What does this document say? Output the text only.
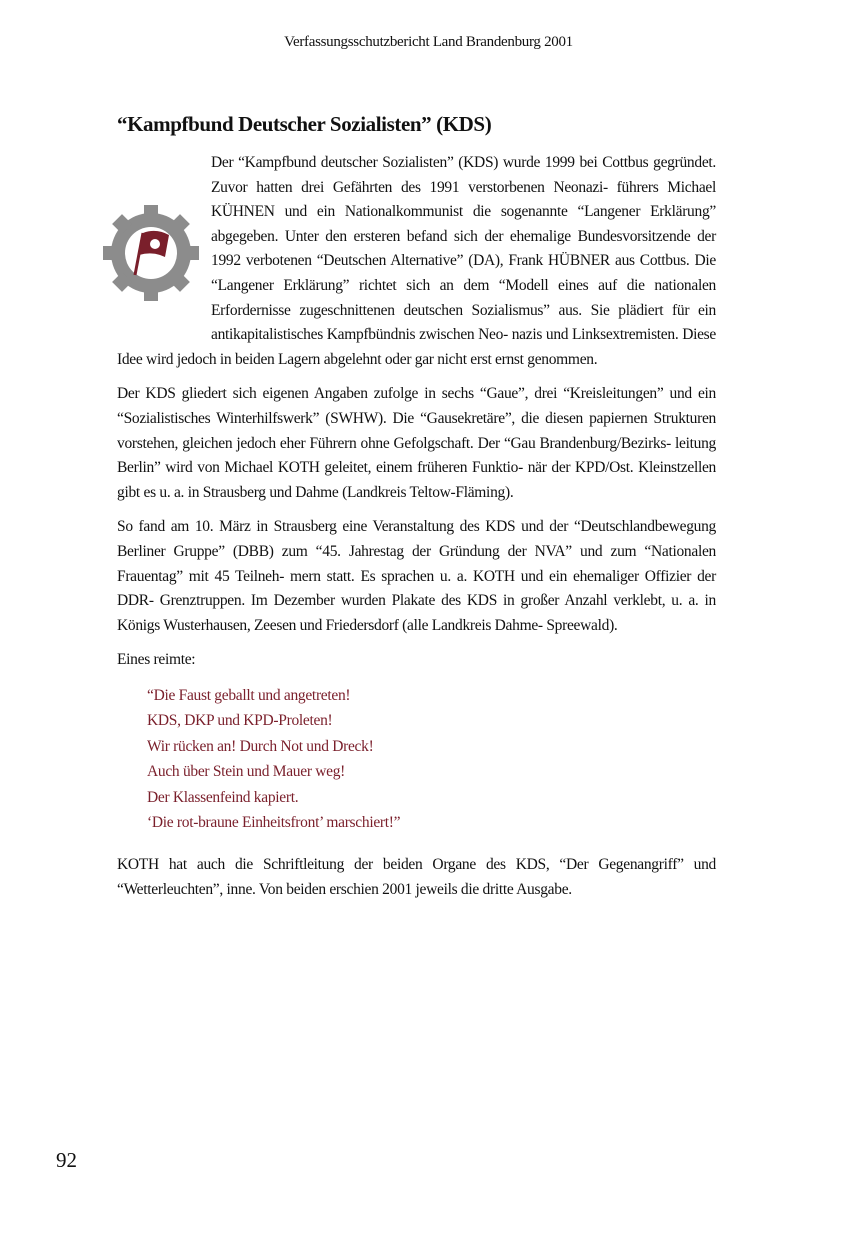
Verfassungsschutzbericht Land Brandenburg 2001
“Kampfbund Deutscher Sozialisten” (KDS)

Der “Kampfbund deutscher Sozialisten” (KDS) wurde 1999 bei Cottbus gegründet. Zuvor hatten drei Gefährten des 1991 verstorbenen Neonazi- führers Michael KÜHNEN und ein Nationalkommunist die sogenannte “Langener Erklärung” abgegeben. Unter den ersteren befand sich der ehemalige Bundesvorsitzende der 1992 verbotenen “Deutschen Alternative” (DA), Frank HÜBNER aus Cottbus. Die “Langener Erklärung” richtet sich an dem “Modell eines auf die nationalen Erfordernisse zugeschnittenen deutschen Sozialismus” aus. Sie plädiert für ein antikapitalistisches Kampfbündnis zwischen Neo- nazis und Linksextremisten. Diese Idee wird jedoch in beiden Lagern abgelehnt oder gar nicht erst ernst genommen.

Der KDS gliedert sich eigenen Angaben zufolge in sechs “Gaue”, drei “Kreisleitungen” und ein “Sozialistisches Winterhilfswerk” (SWHW). Die “Gausekretäre”, die diesen papiernen Strukturen vorstehen, gleichen jedoch eher Führern ohne Gefolgschaft. Der “Gau Brandenburg/Bezirks- leitung Berlin” wird von Michael KOTH geleitet, einem früheren Funktio- när der KPD/Ost. Kleinstzellen gibt es u. a. in Strausberg und Dahme (Landkreis Teltow-Fläming).

So fand am 10. März in Strausberg eine Veranstaltung des KDS und der “Deutschlandbewegung Berliner Gruppe” (DBB) zum “45. Jahrestag der Gründung der NVA” und zum “Nationalen Frauentag” mit 45 Teilneh- mern statt. Es sprachen u. a. KOTH und ein ehemaliger Offizier der DDR- Grenztruppen. Im Dezember wurden Plakate des KDS in großer Anzahl verklebt, u. a. in Königs Wusterhausen, Zeesen und Friedersdorf (alle Landkreis Dahme- Spreewald).

Eines reimte:

“Die Faust geballt und angetreten!
KDS, DKP und KPD-Proleten!
Wir rücken an! Durch Not und Dreck!
Auch über Stein und Mauer weg!
Der Klassenfeind kapiert.
‘Die rot-braune Einheitsfront’ marschiert!”

KOTH hat auch die Schriftleitung der beiden Organe des KDS, “Der Gegenangriff” und “Wetterleuchten”, inne. Von beiden erschien 2001 jeweils die dritte Ausgabe.

92
